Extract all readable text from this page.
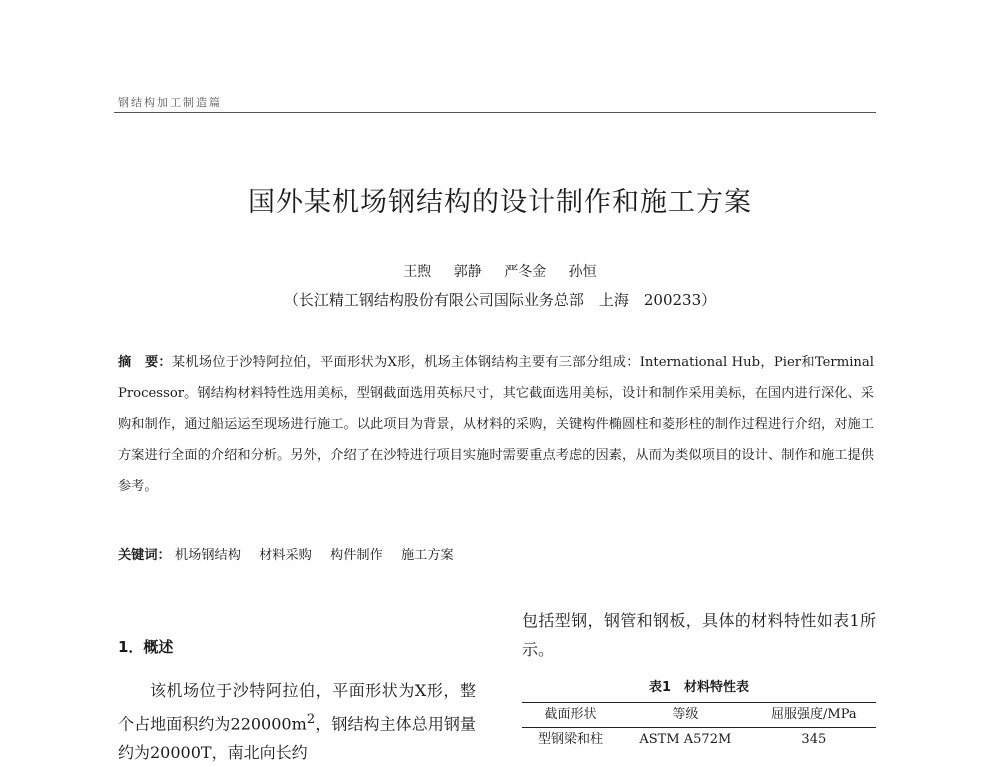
钢结构加工制造篇
国外某机场钢结构的设计制作和施工方案
王煦 郭静 严冬金 孙恒
（长江精工钢结构股份有限公司国际业务总部　上海　200233）
摘　要：某机场位于沙特阿拉伯，平面形状为X形，机场主体钢结构主要有三部分组成：International Hub，Pier和Terminal Processor。钢结构材料特性选用美标，型钢截面选用英标尺寸，其它截面选用美标，设计和制作采用美标，在国内进行深化、采购和制作，通过船运运至现场进行施工。以此项目为背景，从材料的采购，关键构件椭圆柱和菱形柱的制作过程进行介绍，对施工方案进行全面的介绍和分析。另外，介绍了在沙特进行项目实施时需要重点考虑的因素，从而为类似项目的设计、制作和施工提供参考。
关键词： 机场钢结构 材料采购 构件制作 施工方案
1．概述
该机场位于沙特阿拉伯，平面形状为X形，整个占地面积约为$220000m^2$，钢结构主体总用钢量约为20000T，南北向长约
包括型钢，钢管和钢板，具体的材料特性如表1所示。
表1　材料特性表
截面形状	等级	屈服强度/MPa
型钢梁和柱	ASTM A572M	345
